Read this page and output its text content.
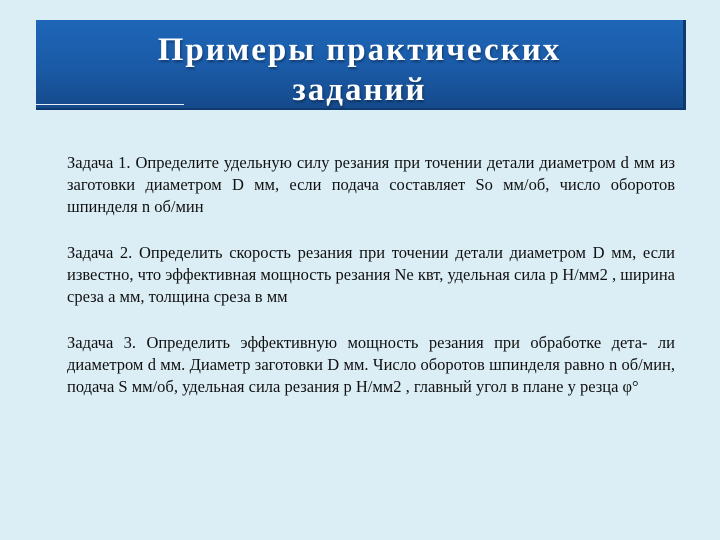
Примеры практических
заданий

Задача 1. Определите удельную силу резания при точении детали диаметром d мм из заготовки диаметром D мм, если подача составляет Sо мм/об, число оборотов шпинделя n об/мин

Задача 2. Определить скорость резания при точении детали диаметром D мм, если известно, что эффективная мощность резания Nе квт, удельная сила р Н/мм2 , ширина среза а мм, толщина среза в мм

Задача 3. Определить эффективную мощность резания при обработке дета- ли диаметром d мм. Диаметр заготовки D мм. Число оборотов шпинделя равно n об/мин, подача S мм/об, удельная сила резания р Н/мм2 , главный угол в плане у резца φ°
